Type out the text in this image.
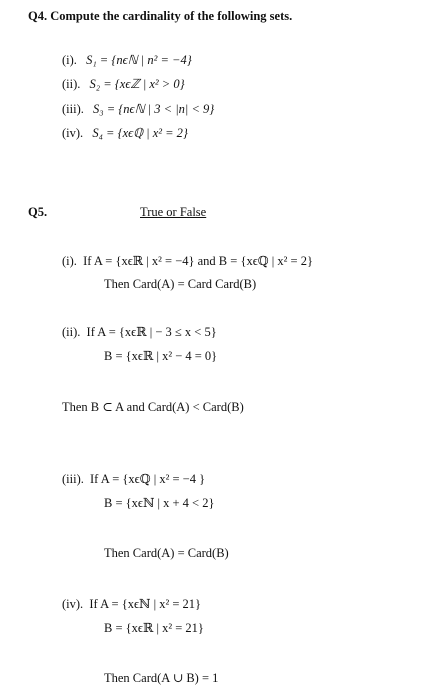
Q4. Compute the cardinality of the following sets.
(i). S₁ = {nϵℕ | n² = −4}
(ii). S₂ = {xϵℤ | x² > 0}
(iii). S₃ = {nϵℕ | 3 < |n| < 9}
(iv). S₄ = {xϵℚ | x² = 2}
Q5.	True or False
(i). If A = {xϵℝ | x² = −4} and B = {xϵℚ | x² = 2}
Then Card(A) = Card Card(B)
(ii). If A = {xϵℝ | − 3 ≤ x < 5}
B = {xϵℝ | x² − 4 = 0}
Then B ⊂ A and Card(A) < Card(B)
(iii). If A = {xϵℚ | x² = −4 }
B = {xϵℕ | x + 4 < 2}
Then Card(A) = Card(B)
(iv). If A = {xϵℕ | x² = 21}
B = {xϵℝ | x² = 21}
Then Card(A ∪ B) = 1
